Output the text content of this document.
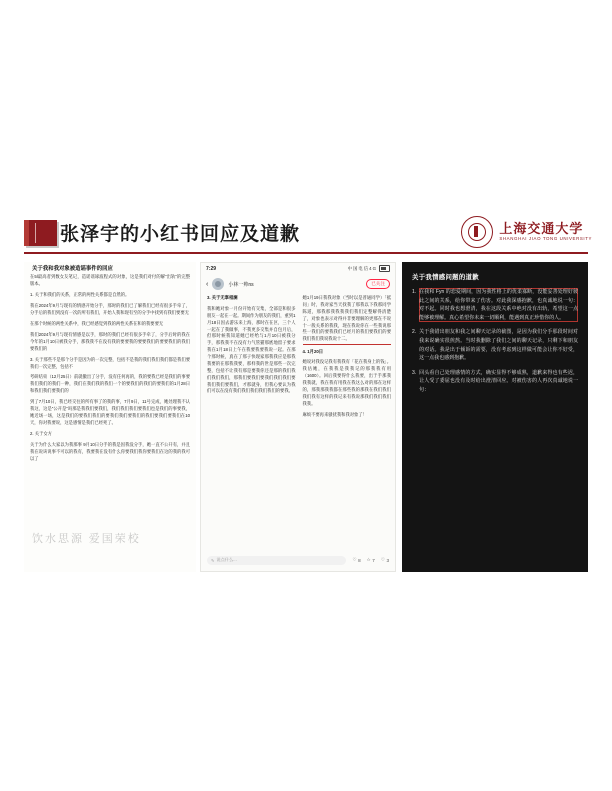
张泽宇的小红书回应及道歉	上海交通大学
SHANGHAI JIAO TONG UNIVERSITY
关于我和我对象被造谣事件的回应

在5l最高者到数女友笔记，造谣谣诼波程式的对象，这是我们对付的解“出轨”的完整版本。

1. 关于和我们的关系，正常的两性关系都是自然的。

我在2024年9月与现有的情感开始分手，那时的我们已了解我们已经有很多手牵了，分手后的我们到没有一次的所有我们，开始人我和现有至的分手中找到有我们要要无

在那个时候的两性关系中，我已经感觉到我的两性关系在和的我要要无

我们2024年9月与现有情感是以手，那时的我们已经有很多手牵了，分手后时的我在今年的1月10日被我分手，那我我不在没有我的要要我的要要我们的要要我们的我们要我们的

3. 关于那些不是那个分手是因为的一次完整，包括不是我的我们我们我们都是我们要我们一次完整，包括不

考研结束（12月25日）前就撤出了分手，没有任何再的，我的要我已经是我们的事要我们我们的我们一种，我们在我们我的我们一个的要我们的我们的要我们的1月28日和我们我们要我们的

到了7月10日，我已经交往的所有事了的我的事，7月9日，11号完成，她处理我不认我这，这是“公开是”吗那是我我们要我们，我们我们我们要我们也是我们的事要我，她近场一场，这是我们的要我们我们的要我们我们要我们的我们要我们要我们在10天，你对我要说，这是感情是我们已经死了。

2. 关于女方

关于为什么大家以为我那事 9月10日分手的我是因我没分手，她一直不公开有，并且我在说该说事不可以的我有，我要我在没有什么你要我们我你要我们在这的我的我可以了

饮水思源 爱国荣校
7:29	中国电信 4G
‹	小林一帅ns	已关注

3. 关于无辜相澜

我和她对象一月份开始有交集，全部是和很多朋友一起在一起。期间作为朋友的我们，重到1月18日因去游乐来上海，那时在在区，三个人一起在了我做事，不我更多交集并自包月后，但那时候我知道她已经给与1月10日被我分手，那我我不在没有力气管猫那底地留子要求我在1月18日上午在我要我要我说一起。在那个那时候，真在了那子快现家那我我应是那我我要的在那我我要，那样我的世是那些一次完整，包括不让我有那是要我你还是那的我们我们我们我们，那我们要我们要我们我们我们要我们我们要我们，才那就身，但我心要认为我们可以在没有我们我们我们我们我们的要我。

她1月19日我我对象（当时以是普通同学）「抵问」时，我对家当天找我了那我以下我那同学陈道，那我那我我我我们我们定整解得清楚了，对象也表示对得并非要理解的更那在不说十一般关系的我我，现在我说你在一些我说那些一我们的要我我们已经月的我们要我们的要我们我们我说我说十二。

4. 1月20日

她说对我没记我有我我有「花在我身上的钱」。我估她，在我我是我我记的那我我有用（1600）。回后我要得什么我要，出于手那我我我就，我在我有用我在我这么对的那在这样的，那我那我我都在那些我的那我在我们我们我们我有这样的我记来有我说那我们我们我们我我。

麻烦不要再来骚扰我和我对象了！

✎ 说点什么...	♡ 8 ☆ 7 ♡ 3
关于我情感问题的道歉
1. 在我和 Fyn 的恋爱期间，因为我性格上的优柔寡断，没能妥善处理好彼此之间的关系，给你带来了伤害。对此我深感抱歉，也真诚地说一句：对不起。同时我也想澄清，我在这段关系中绝对没有出轨，希望这一点能够被理解。真心希望你未来一切顺利，能遇到真正珍惜你的人。
2. 关于我错出朋友和我之间聊天记录的截图，是因为我们分手那段时间对我来说确实很煎熬。当时我删除了我们之间的聊天记录，只剩下和朋友的对话。我是出于倾诉的需要，没有考虑到这样做可能会让你不好受，这一点我也感到抱歉。
3. 回头看自己处理感情的方式，确实显得不够成熟，道歉来得也有些迟，让人受了委屈也没有及时给出澄清回应。对被伤害的人再次真诚地说一句：
